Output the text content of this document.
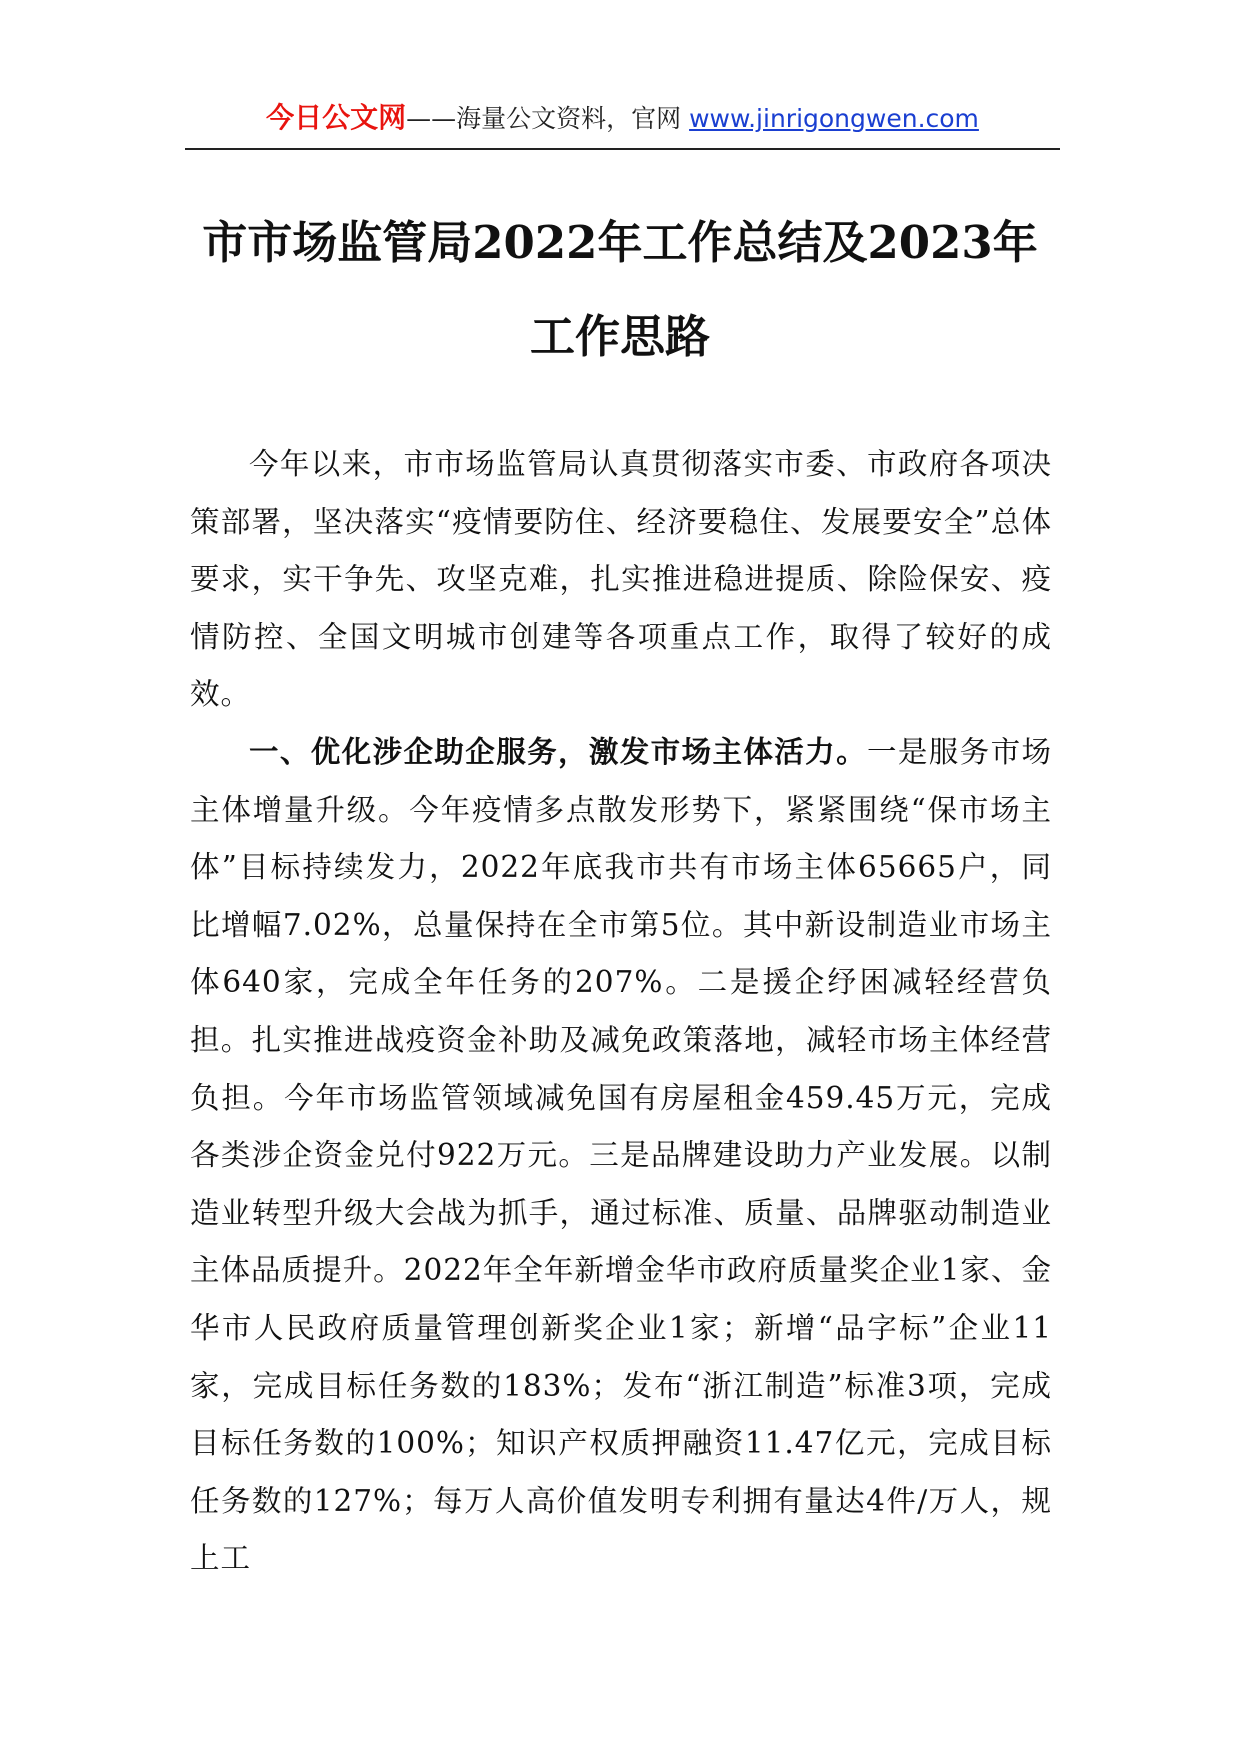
今日公文网——海量公文资料，官网 www.jinrigongwen.com
市市场监管局2022年工作总结及2023年
工作思路

今年以来，市市场监管局认真贯彻落实市委、市政府各项决策部署，坚决落实“疫情要防住、经济要稳住、发展要安全”总体要求，实干争先、攻坚克难，扎实推进稳进提质、除险保安、疫情防控、全国文明城市创建等各项重点工作，取得了较好的成效。

一、优化涉企助企服务，激发市场主体活力。一是服务市场主体增量升级。今年疫情多点散发形势下，紧紧围绕“保市场主体”目标持续发力，2022年底我市共有市场主体65665户，同比增幅7.02%，总量保持在全市第5位。其中新设制造业市场主体640家，完成全年任务的207%。二是援企纾困减轻经营负担。扎实推进战疫资金补助及减免政策落地，减轻市场主体经营负担。今年市场监管领域减免国有房屋租金459.45万元，完成各类涉企资金兑付922万元。三是品牌建设助力产业发展。以制造业转型升级大会战为抓手，通过标准、质量、品牌驱动制造业主体品质提升。2022年全年新增金华市政府质量奖企业1家、金华市人民政府质量管理创新奖企业1家；新增“品字标”企业11家，完成目标任务数的183%；发布“浙江制造”标准3项，完成目标任务数的100%；知识产权质押融资11.47亿元，完成目标任务数的127%；每万人高价值发明专利拥有量达4件/万人，规上工
